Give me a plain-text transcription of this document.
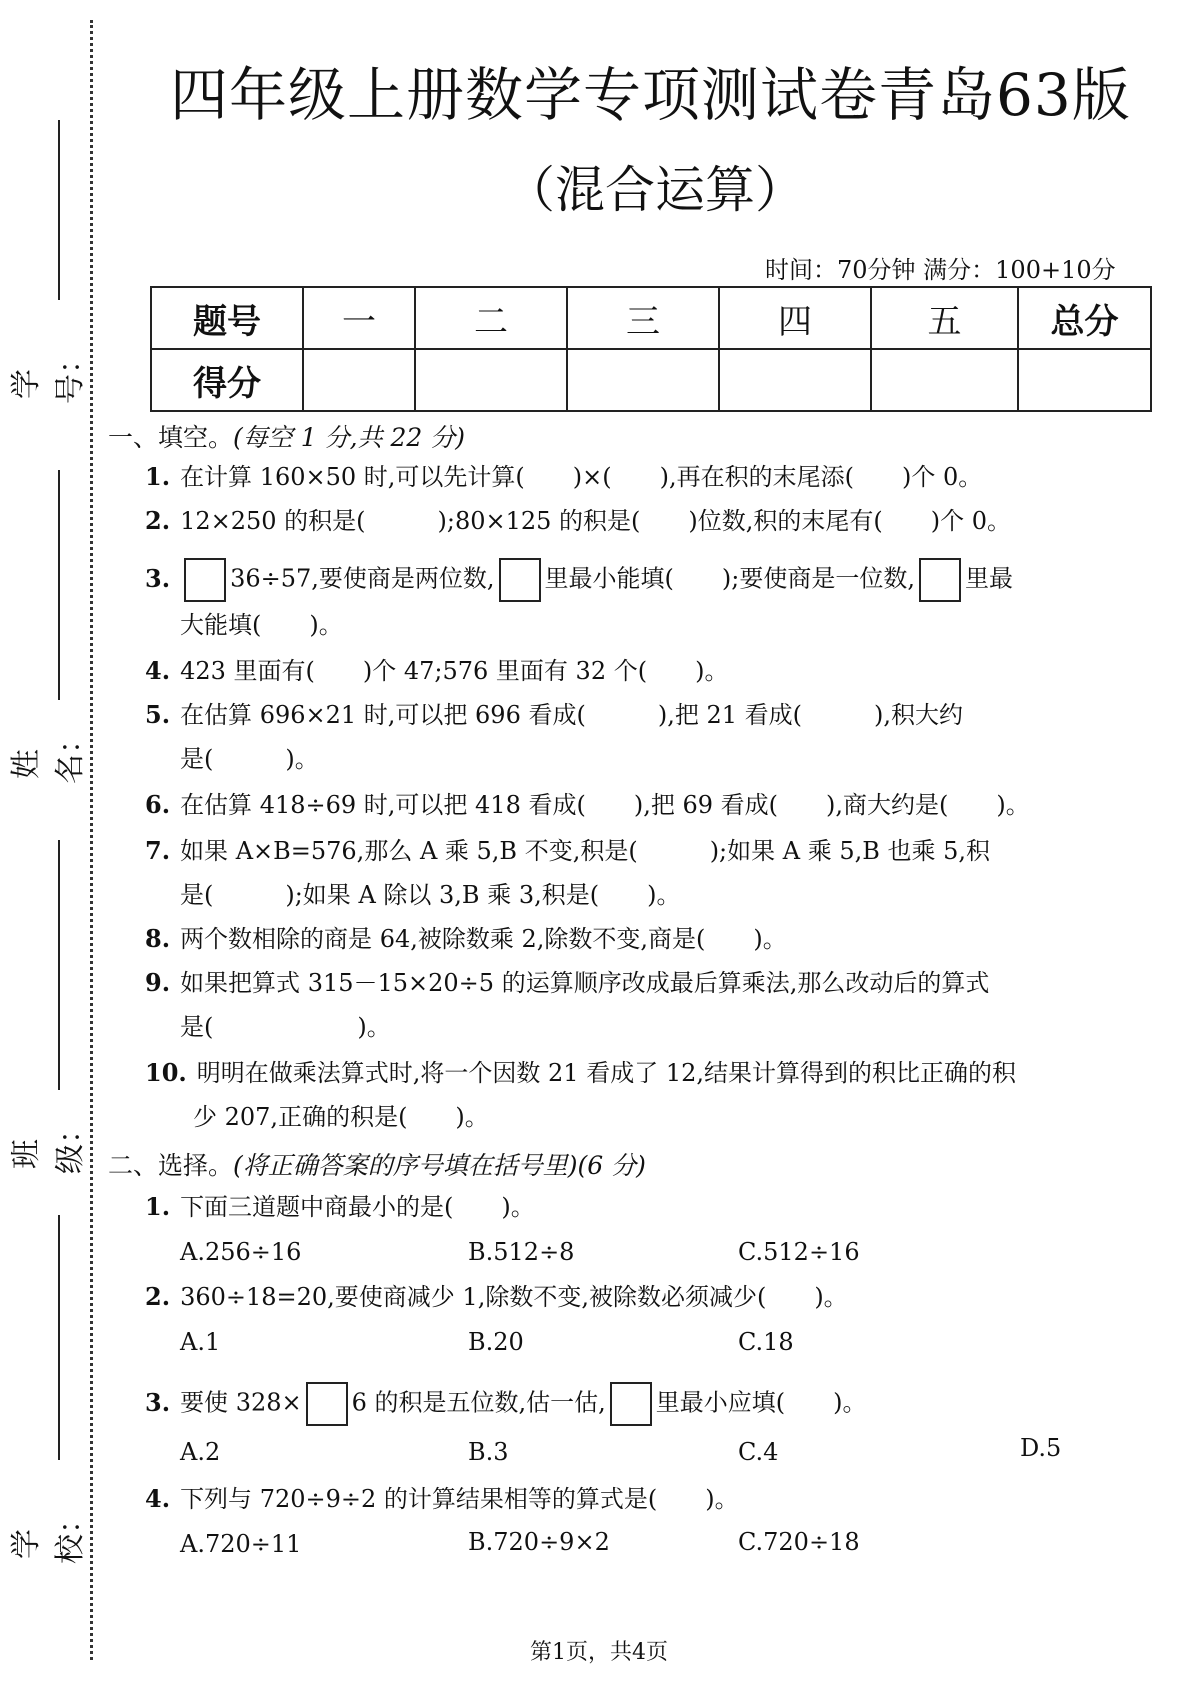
学号：
姓名：
班级：
学校：
四年级上册数学专项测试卷青岛63版
（混合运算）
时间：70分钟 满分：100+10分
题号	一	二	三	四	五	总分
得分						
一、填空。(每空 1 分,共 22 分)
1. 在计算 160×50 时,可以先计算(　　)×(　　),再在积的末尾添(　　)个 0。
2. 12×250 的积是(　　　);80×125 的积是(　　)位数,积的末尾有(　　)个 0。
3.	36÷57,要使商是两位数, 里最小能填(　　);要使商是一位数, 里最
大能填(　　)。
4. 423 里面有(　　)个 47;576 里面有 32 个(　　)。
5. 在估算 696×21 时,可以把 696 看成(　　　),把 21 看成(　　　),积大约
是(　　　)。
6. 在估算 418÷69 时,可以把 418 看成(　　),把 69 看成(　　),商大约是(　　)。
7. 如果 A×B=576,那么 A 乘 5,B 不变,积是(　　　);如果 A 乘 5,B 也乘 5,积
是(　　　);如果 A 除以 3,B 乘 3,积是(　　)。
8. 两个数相除的商是 64,被除数乘 2,除数不变,商是(　　)。
9. 如果把算式 315－15×20÷5 的运算顺序改成最后算乘法,那么改动后的算式
是(　　　　　　)。
10. 明明在做乘法算式时,将一个因数 21 看成了 12,结果计算得到的积比正确的积
少 207,正确的积是(　　)。
二、选择。(将正确答案的序号填在括号里)(6 分)
1. 下面三道题中商最小的是(　　)。
A.256÷16	B.512÷8	C.512÷16
2. 360÷18=20,要使商减少 1,除数不变,被除数必须减少(　　)。
A.1	B.20	C.18
3. 要使 328× 6 的积是五位数,估一估, 里最小应填(　　)。
A.2	B.3	C.4	D.5
4. 下列与 720÷9÷2 的计算结果相等的算式是(　　)。
A.720÷11	B.720÷9×2	C.720÷18
第1页，共4页
